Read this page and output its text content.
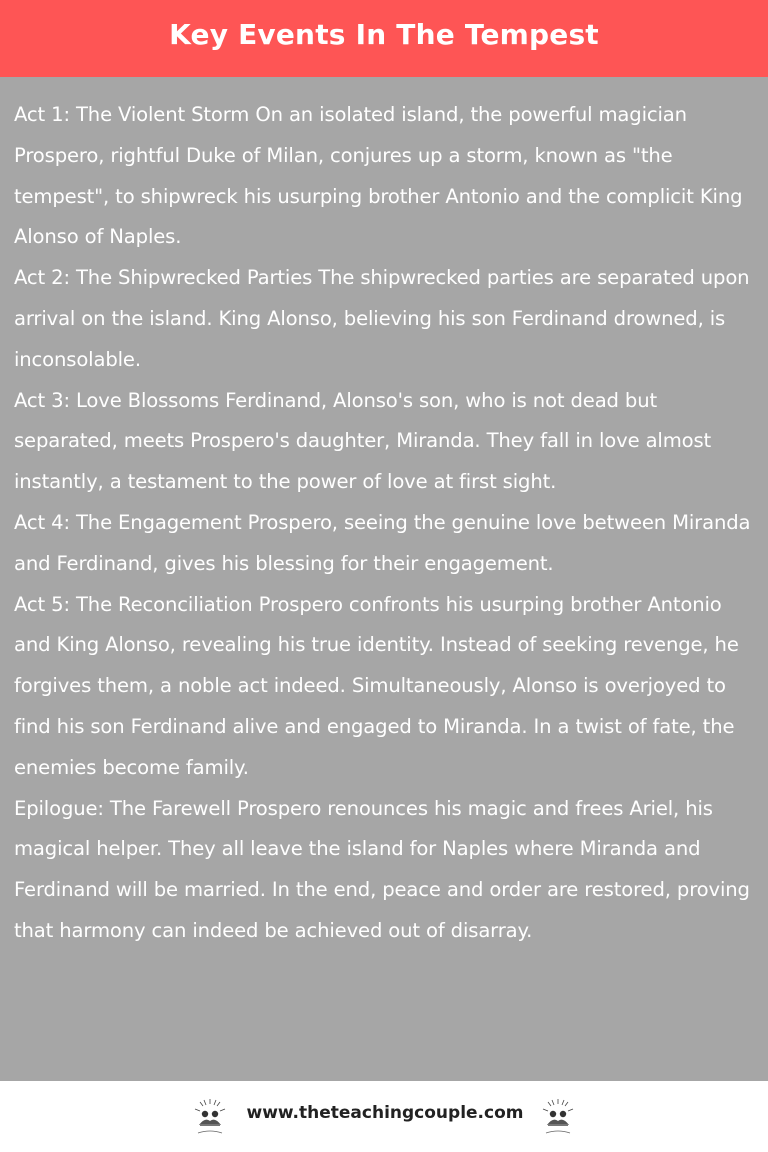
Key Events In The Tempest

Act 1: The Violent Storm On an isolated island, the powerful magician Prospero, rightful Duke of Milan, conjures up a storm, known as "the tempest", to shipwreck his usurping brother Antonio and the complicit King Alonso of Naples.

Act 2: The Shipwrecked Parties The shipwrecked parties are separated upon arrival on the island. King Alonso, believing his son Ferdinand drowned, is inconsolable.

Act 3: Love Blossoms Ferdinand, Alonso's son, who is not dead but separated, meets Prospero's daughter, Miranda. They fall in love almost instantly, a testament to the power of love at first sight.

Act 4: The Engagement Prospero, seeing the genuine love between Miranda and Ferdinand, gives his blessing for their engagement.

Act 5: The Reconciliation Prospero confronts his usurping brother Antonio and King Alonso, revealing his true identity. Instead of seeking revenge, he forgives them, a noble act indeed. Simultaneously, Alonso is overjoyed to find his son Ferdinand alive and engaged to Miranda. In a twist of fate, the enemies become family.

Epilogue: The Farewell Prospero renounces his magic and frees Ariel, his magical helper. They all leave the island for Naples where Miranda and Ferdinand will be married. In the end, peace and order are restored, proving that harmony can indeed be achieved out of disarray.

www.theteachingcouple.com
